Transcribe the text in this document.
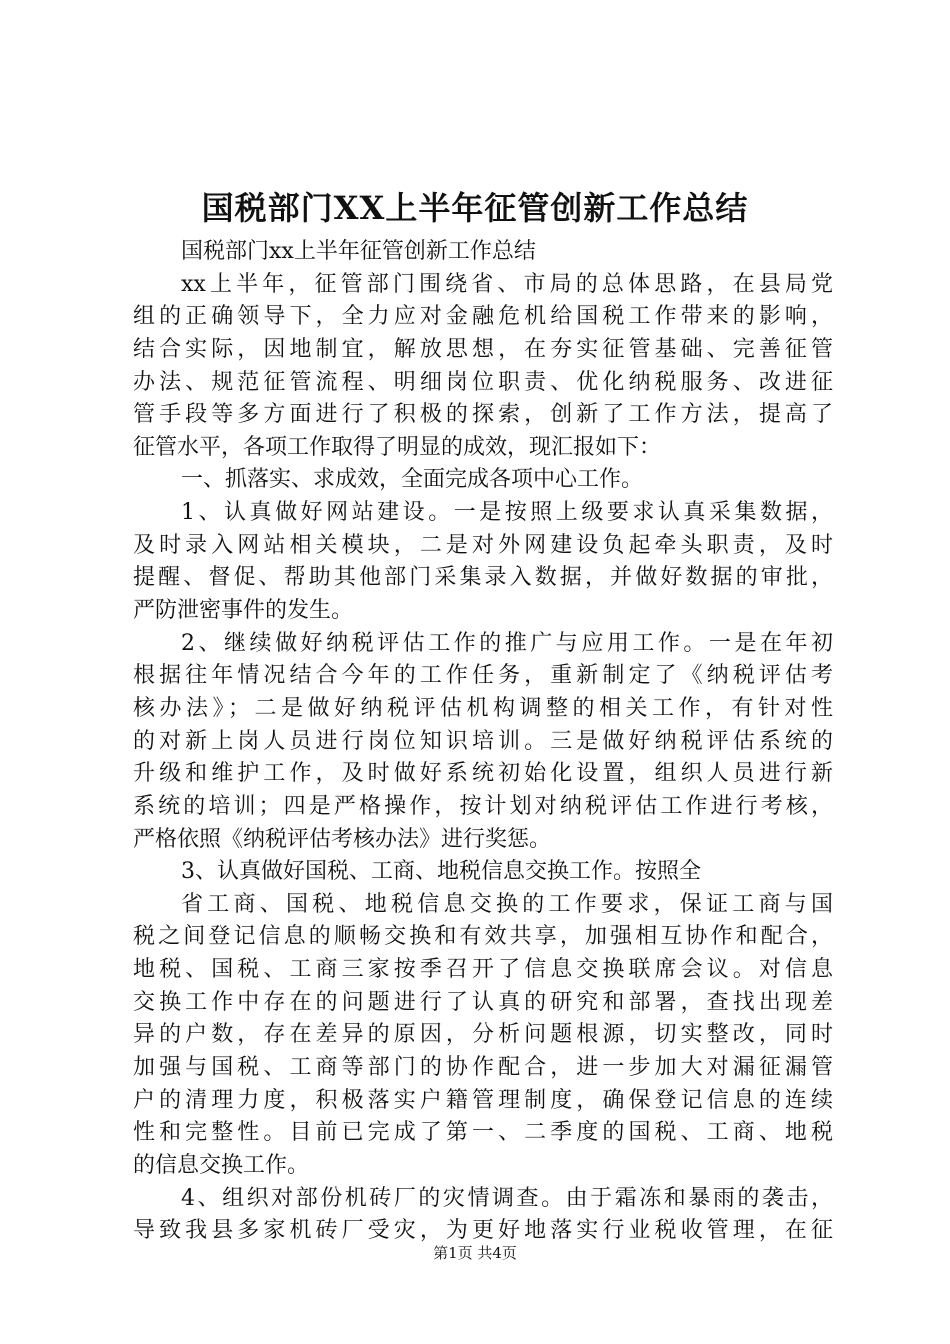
国税部门XX上半年征管创新工作总结
国税部门xx上半年征管创新工作总结
xx上半年，征管部门围绕省、市局的总体思路，在县局党
组的正确领导下，全力应对金融危机给国税工作带来的影响，
结合实际，因地制宜，解放思想，在夯实征管基础、完善征管
办法、规范征管流程、明细岗位职责、优化纳税服务、改进征
管手段等多方面进行了积极的探索，创新了工作方法，提高了
征管水平，各项工作取得了明显的成效，现汇报如下：
一、抓落实、求成效，全面完成各项中心工作。
1、认真做好网站建设。一是按照上级要求认真采集数据，
及时录入网站相关模块，二是对外网建设负起牵头职责，及时
提醒、督促、帮助其他部门采集录入数据，并做好数据的审批，
严防泄密事件的发生。
2、继续做好纳税评估工作的推广与应用工作。一是在年初
根据往年情况结合今年的工作任务，重新制定了《纳税评估考
核办法》；二是做好纳税评估机构调整的相关工作，有针对性
的对新上岗人员进行岗位知识培训。三是做好纳税评估系统的
升级和维护工作，及时做好系统初始化设置，组织人员进行新
系统的培训；四是严格操作，按计划对纳税评估工作进行考核，
严格依照《纳税评估考核办法》进行奖惩。
3、认真做好国税、工商、地税信息交换工作。按照全
省工商、国税、地税信息交换的工作要求，保证工商与国
税之间登记信息的顺畅交换和有效共享，加强相互协作和配合，
地税、国税、工商三家按季召开了信息交换联席会议。对信息
交换工作中存在的问题进行了认真的研究和部署，查找出现差
异的户数，存在差异的原因，分析问题根源，切实整改，同时
加强与国税、工商等部门的协作配合，进一步加大对漏征漏管
户的清理力度，积极落实户籍管理制度，确保登记信息的连续
性和完整性。目前已完成了第一、二季度的国税、工商、地税
的信息交换工作。
4、组织对部份机砖厂的灾情调查。由于霜冻和暴雨的袭击，
导致我县多家机砖厂受灾，为更好地落实行业税收管理，在征
第1页 共4页
